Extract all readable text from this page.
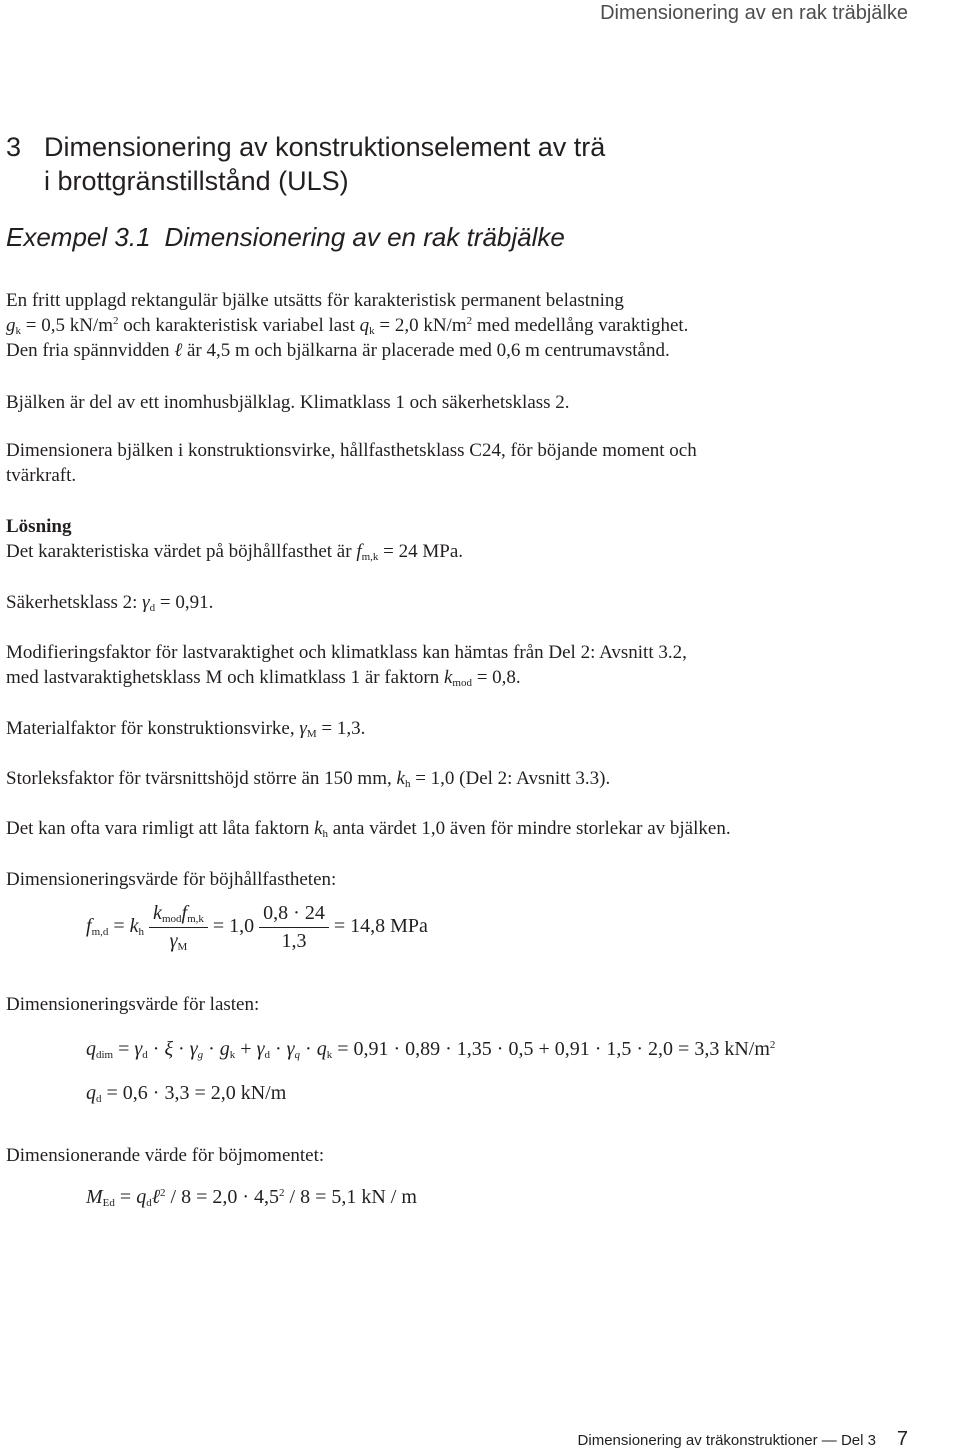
Dimensionering av en rak träbjälke
3 Dimensionering av konstruktionselement av trä
i brottgränstillstånd (ULS)
Exempel 3.1 Dimensionering av en rak träbjälke

En fritt upplagd rektangulär bjälke utsätts för karakteristisk permanent belastning

$g_k = 0,5$ $kN/m^2$ och karakteristisk variabel last $q_k = 2,0$ $kN/m^2$ med medellång varaktighet.

Den fria spännvidden ℓ är 4,5 m och bjälkarna är placerade med 0,6 m centrumavstånd.

Bjälken är del av ett inomhusbjälklag. Klimatklass 1 och säkerhetsklass 2.

Dimensionera bjälken i konstruktionsvirke, hållfasthetsklass C24, för böjande moment och

tvärkraft.

Lösning

Det karakteristiska värdet på böjhållfasthet är $f_{m,k} = 24$ MPa.

Säkerhetsklass 2: $\gamma_d = 0,91$.

Modifieringsfaktor för lastvaraktighet och klimatklass kan hämtas från Del 2: Avsnitt 3.2,

med lastvaraktighetsklass M och klimatklass 1 är faktorn $k_{mod} = 0,8$.

Materialfaktor för konstruktionsvirke, $\gamma_M = 1,3$.

Storleksfaktor för tvärsnittshöjd större än 150 mm, $k_h = 1,0$ (Del 2: Avsnitt 3.3).

Det kan ofta vara rimligt att låta faktorn $k_h$ anta värdet 1,0 även för mindre storlekar av bjälken.

Dimensioneringsvärde för böjhållfastheten:

$f_{m,d} = k_h \frac{k_{mod}f_{m,k}}{\gamma_M} = 1,0 \frac{0,8 \cdot 24}{1,3} = 14,8$ MPa

Dimensioneringsvärde för lasten:

$q_{dim} = \gamma_d \cdot \xi \cdot \gamma_g \cdot g_k + \gamma_d \cdot \gamma_q \cdot q_k = 0,91 \cdot 0,89 \cdot 1,35 \cdot 0,5 + 0,91 \cdot 1,5 \cdot 2,0 = 3,3$ $kN/m^2$
$q_d = 0,6 \cdot 3,3 = 2,0$ kN/m

Dimensionerande värde för böjmomentet:

$M_{Ed}$ = $q_d\ell^2 / 8 = 2,0 \cdot 4,5^2 / 8 = 5,1$ kN / m
Dimensionering av träkonstruktioner — Del 3 7
